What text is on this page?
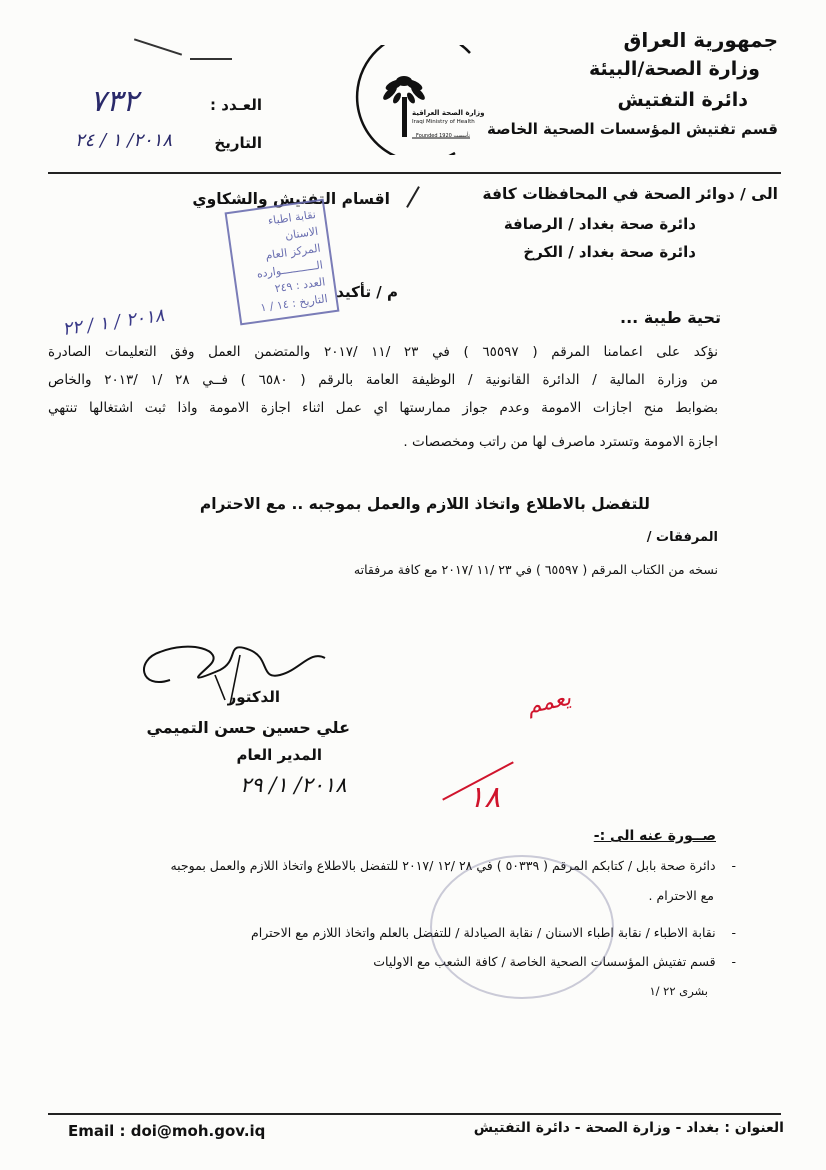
جمهورية العراق
وزارة الصحة/البيئة
دائرة التفتيش
قسم تفتيش المؤسسات الصحية الخاصة
وزارة الصحة العراقية
Iraqi Ministry of Health
Founded 1920 تأسست
العـدد :
٧٣٢
التاريخ
٢٠١٨/ ١ / ٢٤
الى / دوائر الصحة في المحافظات كافة
اقسام التفتيش والشكاوي
دائرة صحة بغداد / الرصافة
دائرة صحة بغداد / الكرخ
نقابة اطباء الاسنان
المركز العام
الـــــــــــوارده
العدد : ٢٤٩
التاريخ : ١٤ / ١
٢٠١٨ / ١ / ٢٢
م / تأكيد
تحية طيبة ...
نؤكد على اعمامنا المرقم ( ٦٥٥٩٧ ) في ٢٣ /١١ /٢٠١٧ والمتضمن العمل وفق التعليمات الصادرة
من وزارة المالية / الدائرة القانونية / الوظيفة العامة بالرقم ( ٦٥٨٠ ) فــي ٢٨ /١ /٢٠١٣ والخاص
بضوابط منح اجازات الامومة وعدم جواز ممارستها اي عمل اثناء اجازة الامومة واذا ثبت اشتغالها تنتهي
اجازة الامومة وتسترد ماصرف لها من راتب ومخصصات .
للتفضل بالاطلاع واتخاذ اللازم والعمل بموجبه .. مع الاحترام
المرفقات /
نسخه من الكتاب المرقم ( ٦٥٥٩٧ ) في ٢٣ /١١ /٢٠١٧ مع كافة مرفقاته
الدكتور
علي حسين حسن التميمي
المدير العام
٢٠١٨/ ١/ ٢٩
يعمم
١٨
صــورة عنه الى :-
-    دائرة صحة بابل / كتابكم المرقم ( ٥٠٣٣٩ ) في ٢٨ /١٢ /٢٠١٧ للتفضل بالاطلاع واتخاذ اللازم والعمل بموجبه
مع الاحترام .
-    نقابة الاطباء / نقابة اطباء الاسنان / نقابة الصيادلة / للتفضل بالعلم واتخاذ اللازم مع الاحترام
-    قسم تفتيش المؤسسات الصحية الخاصة / كافة الشعب مع الاوليات
بشرى ٢٢ /١
Email : doi@moh.gov.iq	العنوان : بغداد - وزارة الصحة - دائرة التفتيش
